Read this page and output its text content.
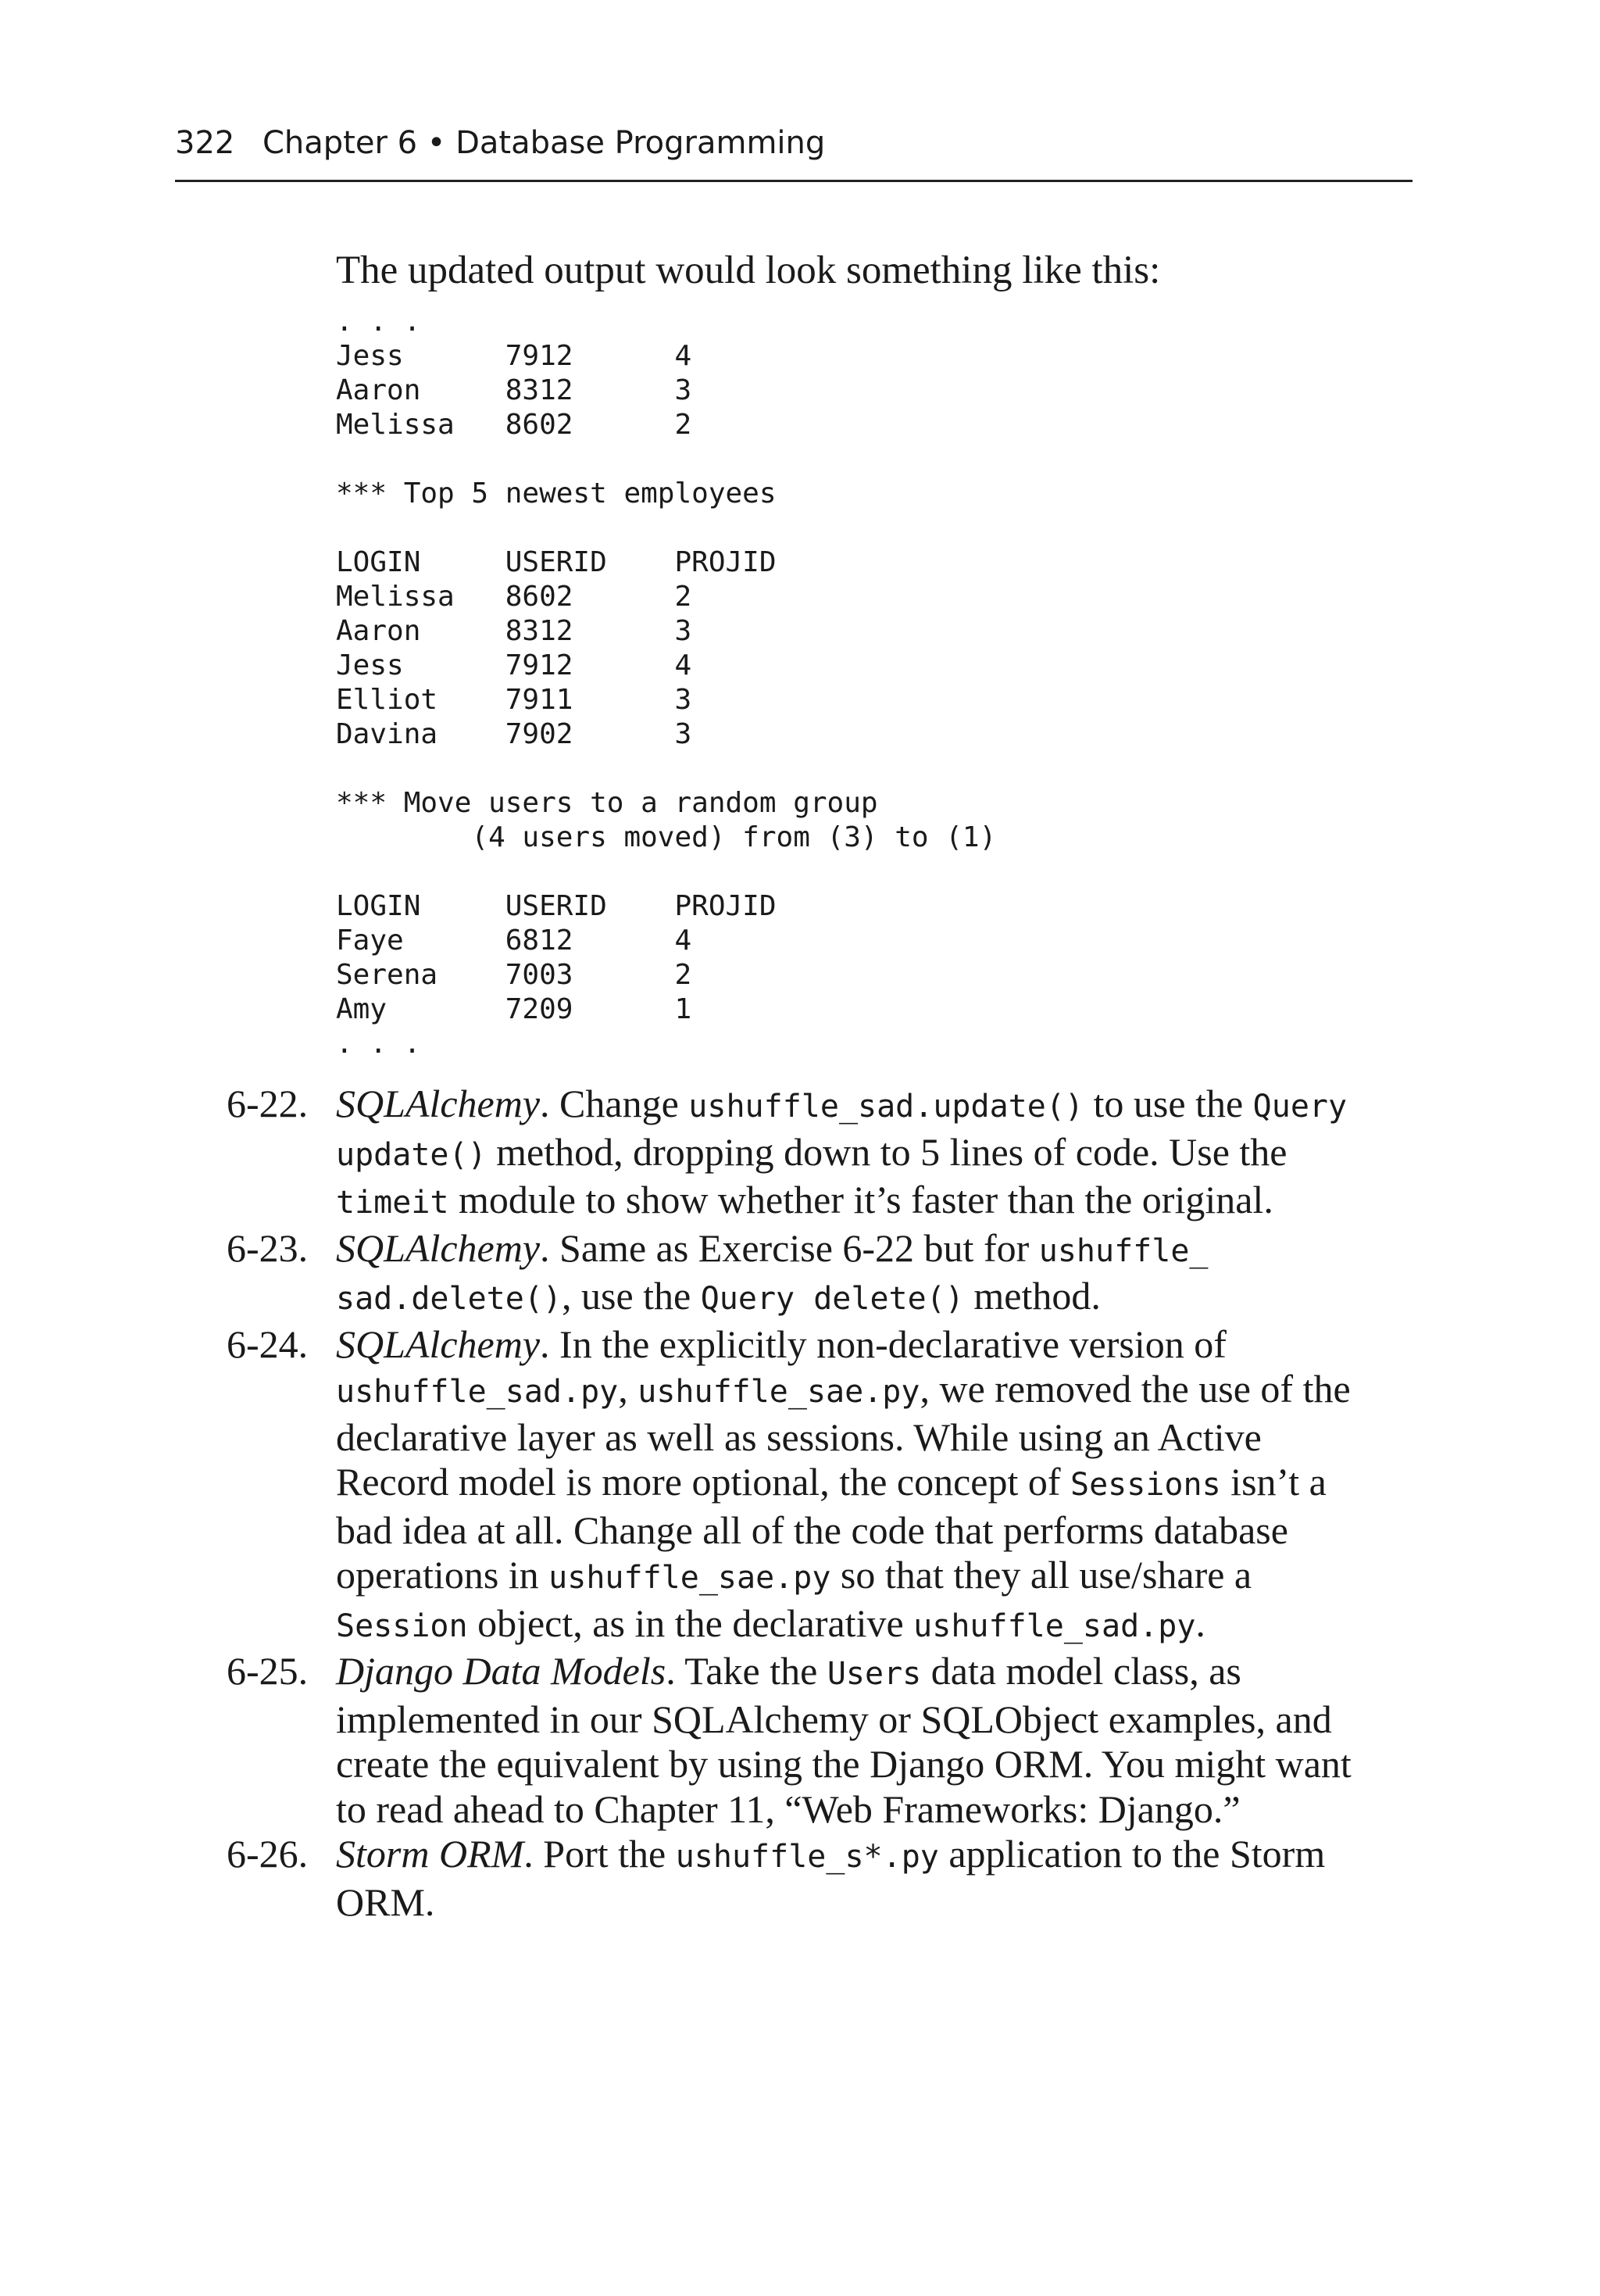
322 Chapter 6 • Database Programming
The updated output would look something like this:
. . .
Jess      7912      4
Aaron     8312      3
Melissa   8602      2

*** Top 5 newest employees

LOGIN     USERID    PROJID
Melissa   8602      2
Aaron     8312      3
Jess      7912      4
Elliot    7911      3
Davina    7902      3

*** Move users to a random group
(4 users moved) from (3) to (1)

LOGIN     USERID    PROJID
Faye      6812      4
Serena    7003      2
Amy       7209      1
. . .
6-22. SQLAlchemy. Change ushuffle_sad.update() to use the Query update() method, dropping down to 5 lines of code. Use the timeit module to show whether it’s faster than the original.
6-23. SQLAlchemy. Same as Exercise 6-22 but for ushuffle_ sad.delete(), use the Query delete() method.
6-24. SQLAlchemy. In the explicitly non-declarative version of ushuffle_sad.py, ushuffle_sae.py, we removed the use of the declarative layer as well as sessions. While using an Active Record model is more optional, the concept of Sessions isn’t a bad idea at all. Change all of the code that performs database operations in ushuffle_sae.py so that they all use/share a Session object, as in the declarative ushuffle_sad.py.
6-25. Django Data Models. Take the Users data model class, as implemented in our SQLAlchemy or SQLObject examples, and create the equivalent by using the Django ORM. You might want to read ahead to Chapter 11, “Web Frameworks: Django.”
6-26. Storm ORM. Port the ushuffle_s*.py application to the Storm ORM.
